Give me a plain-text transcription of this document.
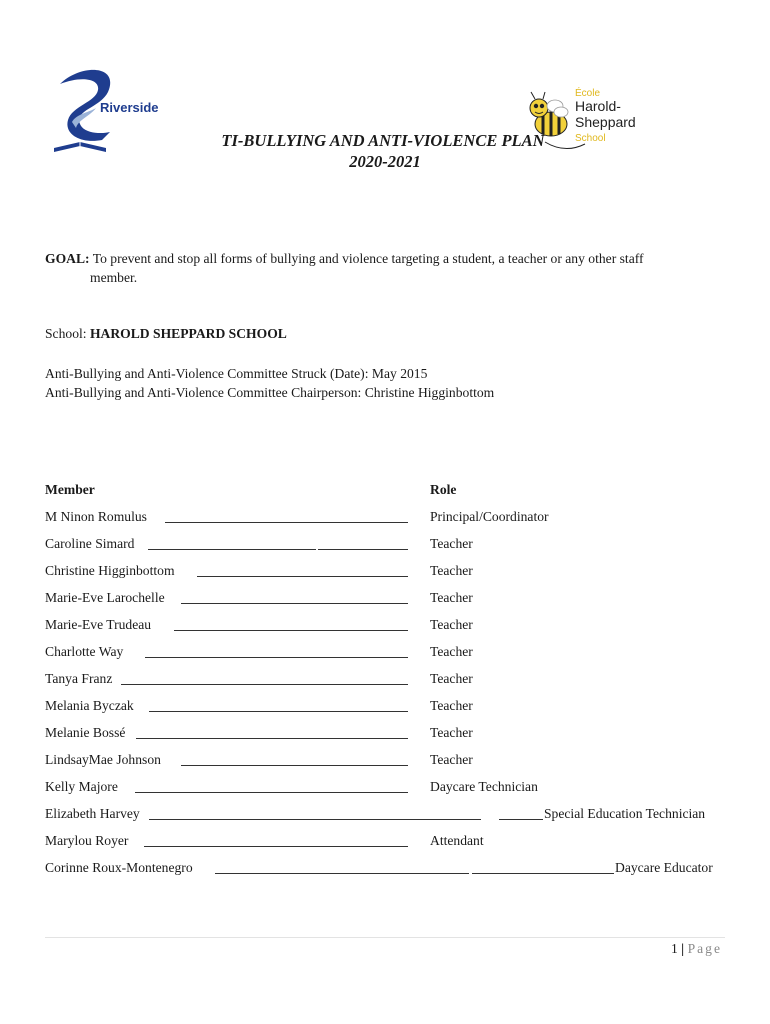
Riverside
École
Harold-
Sheppard
School
TI-BULLYING AND ANTI-VIOLENCE PLAN
2020-2021
GOAL: To prevent and stop all forms of bullying and violence targeting a student, a teacher or any other staff
member.
School: HAROLD SHEPPARD SCHOOL
Anti-Bullying and Anti-Violence Committee Struck (Date): May 2015
Anti-Bullying and Anti-Violence Committee Chairperson: Christine Higginbottom
Member	Role
M Ninon Romulus	Principal/Coordinator
Caroline Simard	Teacher
Christine Higginbottom	Teacher
Marie-Eve Larochelle	Teacher
Marie-Eve Trudeau	Teacher
Charlotte Way	Teacher
Tanya Franz	Teacher
Melania Byczak	Teacher
Melanie Bossé	Teacher
LindsayMae Johnson	Teacher
Kelly Majore	Daycare Technician
Elizabeth Harvey	Special Education Technician
Marylou Royer	Attendant
Corinne Roux-Montenegro	Daycare Educator
1 | Page
